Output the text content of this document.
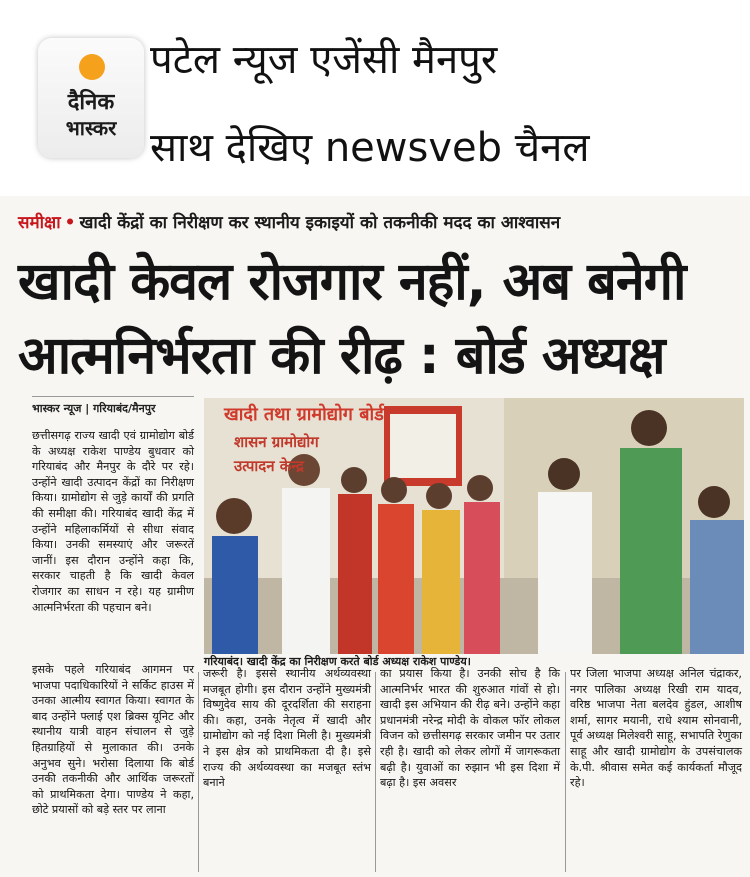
दैनिक
भास्कर
पटेल न्यूज एजेंसी मैनपुर
साथ देखिए newsveb चैनल
समीक्षा • खादी केंद्रों का निरीक्षण कर स्थानीय इकाइयों को तकनीकी मदद का आश्वासन
खादी केवल रोजगार नहीं, अब बनेगी
आत्मनिर्भरता की रीढ़ : बोर्ड अध्यक्ष
भास्कर न्यूज | गरियाबंद/मैनपुर
छत्तीसगढ़ राज्य खादी एवं ग्रामोद्योग बोर्ड के अध्यक्ष राकेश पाण्डेय बुधवार को गरियाबंद और मैनपुर के दौरे पर रहे। उन्होंने खादी उत्पादन केंद्रों का निरीक्षण किया। ग्रामोद्योग से जुड़े कार्यों की प्रगति की समीक्षा की। गरियाबंद खादी केंद्र में उन्होंने महिलाकर्मियों से सीधा संवाद किया। उनकी समस्याएं और जरूरतें जानीं। इस दौरान उन्होंने कहा कि, सरकार चाहती है कि खादी केवल रोजगार का साधन न रहे। यह ग्रामीण आत्मनिर्भरता की पहचान बने।
खादी तथा ग्रामोद्योग बोर्ड
शासन ग्रामोद्योग
उत्पादन केन्द्र
गरियाबंद। खादी केंद्र का निरीक्षण करते बोर्ड अध्यक्ष राकेश पाण्डेय।
इसके पहले गरियाबंद आगमन पर भाजपा पदाधिकारियों ने सर्किट हाउस में उनका आत्मीय स्वागत किया। स्वागत के बाद उन्होंने फ्लाई एश ब्रिक्स यूनिट और स्थानीय यात्री वाहन संचालन से जुड़े हितग्राहियों से मुलाकात की। उनके अनुभव सुने। भरोसा दिलाया कि बोर्ड उनकी तकनीकी और आर्थिक जरूरतों को प्राथमिकता देगा। पाण्डेय ने कहा, छोटे प्रयासों को बड़े स्तर पर लाना
जरूरी है। इससे स्थानीय अर्थव्यवस्था मजबूत होगी। इस दौरान उन्होंने मुख्यमंत्री विष्णुदेव साय की दूरदर्शिता की सराहना की। कहा, उनके नेतृत्व में खादी और ग्रामोद्योग को नई दिशा मिली है। मुख्यमंत्री ने इस क्षेत्र को प्राथमिकता दी है। इसे राज्य की अर्थव्यवस्था का मजबूत स्तंभ बनाने
का प्रयास किया है। उनकी सोच है कि आत्मनिर्भर भारत की शुरुआत गांवों से हो। खादी इस अभियान की रीढ़ बने। उन्होंने कहा प्रधानमंत्री नरेन्द्र मोदी के वोकल फॉर लोकल विजन को छत्तीसगढ़ सरकार जमीन पर उतार रही है। खादी को लेकर लोगों में जागरूकता बढ़ी है। युवाओं का रुझान भी इस दिशा में बढ़ा है। इस अवसर
पर जिला भाजपा अध्यक्ष अनिल चंद्राकर, नगर पालिका अध्यक्ष रिखी राम यादव, वरिष्ठ भाजपा नेता बलदेव हुंडल, आशीष शर्मा, सागर मयानी, राधे श्याम सोनवानी, पूर्व अध्यक्ष मिलेश्वरी साहू, सभापति रेणुका साहू और खादी ग्रामोद्योग के उपसंचालक के.पी. श्रीवास समेत कई कार्यकर्ता मौजूद रहे।
